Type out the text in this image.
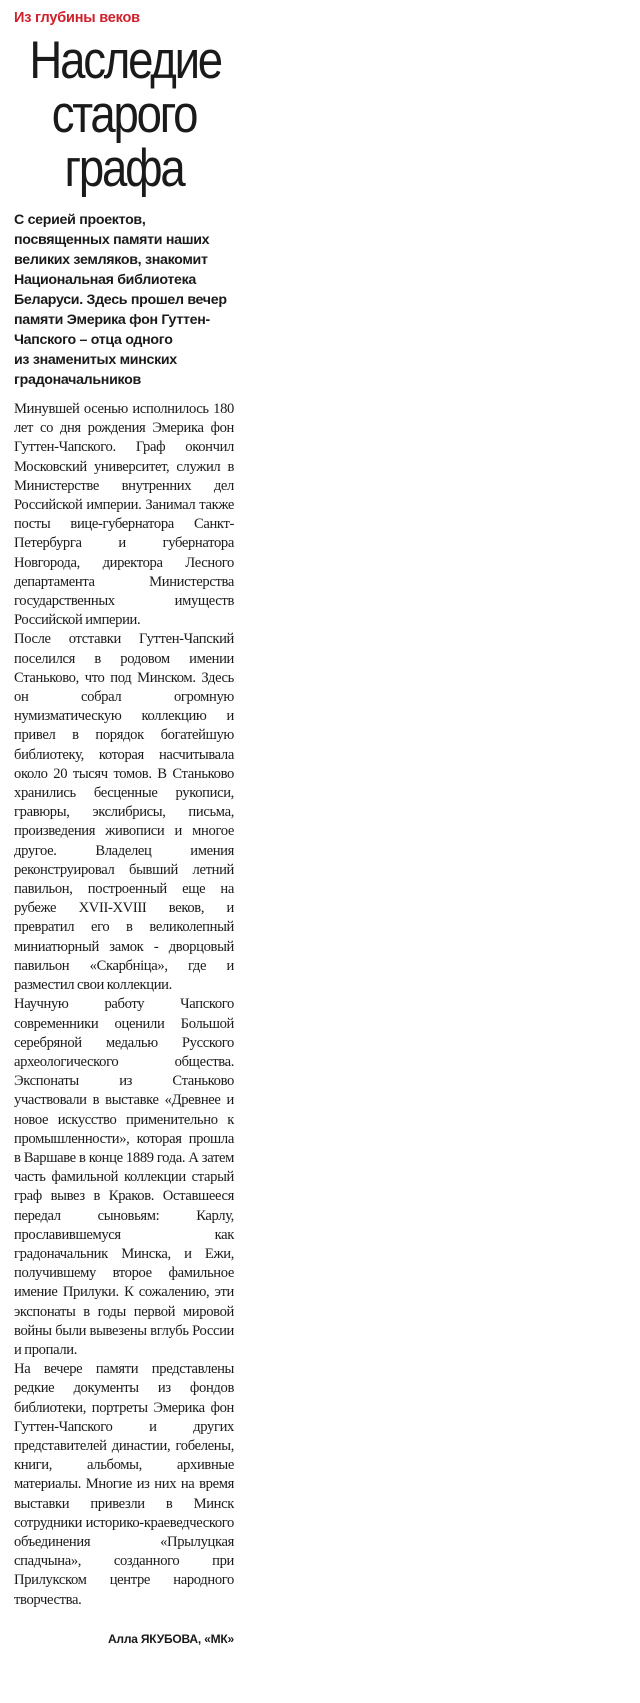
Из глубины веков
Наследие
старого
графа
С серией проектов,
посвященных памяти наших
великих земляков, знакомит
Национальная библиотека
Беларуси. Здесь прошел вечер
памяти Эмерика фон Гуттен-
Чапского – отца одного
из знаменитых минских
градоначальников

Минувшей осенью исполнилось 180 лет со дня рождения Эмерика фон Гуттен-Чапского. Граф окончил Московский университет, служил в Министерстве внутренних дел Российской империи. Занимал также посты вице-губернатора Санкт-Петербурга и губернатора Новгорода, директора Лесного департамента Министерства государственных имуществ Российской империи.

После отставки Гуттен-Чапский поселился в родовом имении Станьково, что под Минском. Здесь он собрал огромную нумизматическую коллекцию и привел в порядок богатейшую библиотеку, которая насчитывала около 20 тысяч томов. В Станьково хранились бесценные рукописи, гравюры, экслибрисы, письма, произведения живописи и многое другое. Владелец имения реконструировал бывший летний павильон, построенный еще на рубеже XVII-XVIII веков, и превратил его в великолепный миниатюрный замок - дворцовый павильон «Скарбніца», где и разместил свои коллекции.

Научную работу Чапского современники оценили Большой серебряной медалью Русского археологического общества. Экспонаты из Станьково участвовали в выставке «Древнее и новое искусство применительно к промышленности», которая прошла в Варшаве в конце 1889 года. А затем часть фамильной коллекции старый граф вывез в Краков. Оставшееся передал сыновьям: Карлу, прославившемуся как градоначальник Минска, и Ежи, получившему второе фамильное имение Прилуки. К сожалению, эти экспонаты в годы первой мировой войны были вывезены вглубь России и пропали.

На вечере памяти представлены редкие документы из фондов библиотеки, портреты Эмерика фон Гуттен-Чапского и других представителей династии, гобелены, книги, альбомы, архивные материалы. Многие из них на время выставки привезли в Минск сотрудники историко-краеведческого объединения «Прылуцкая спадчына», созданного при Прилукском центре народного творчества.

Алла ЯКУБОВА, «МК»
